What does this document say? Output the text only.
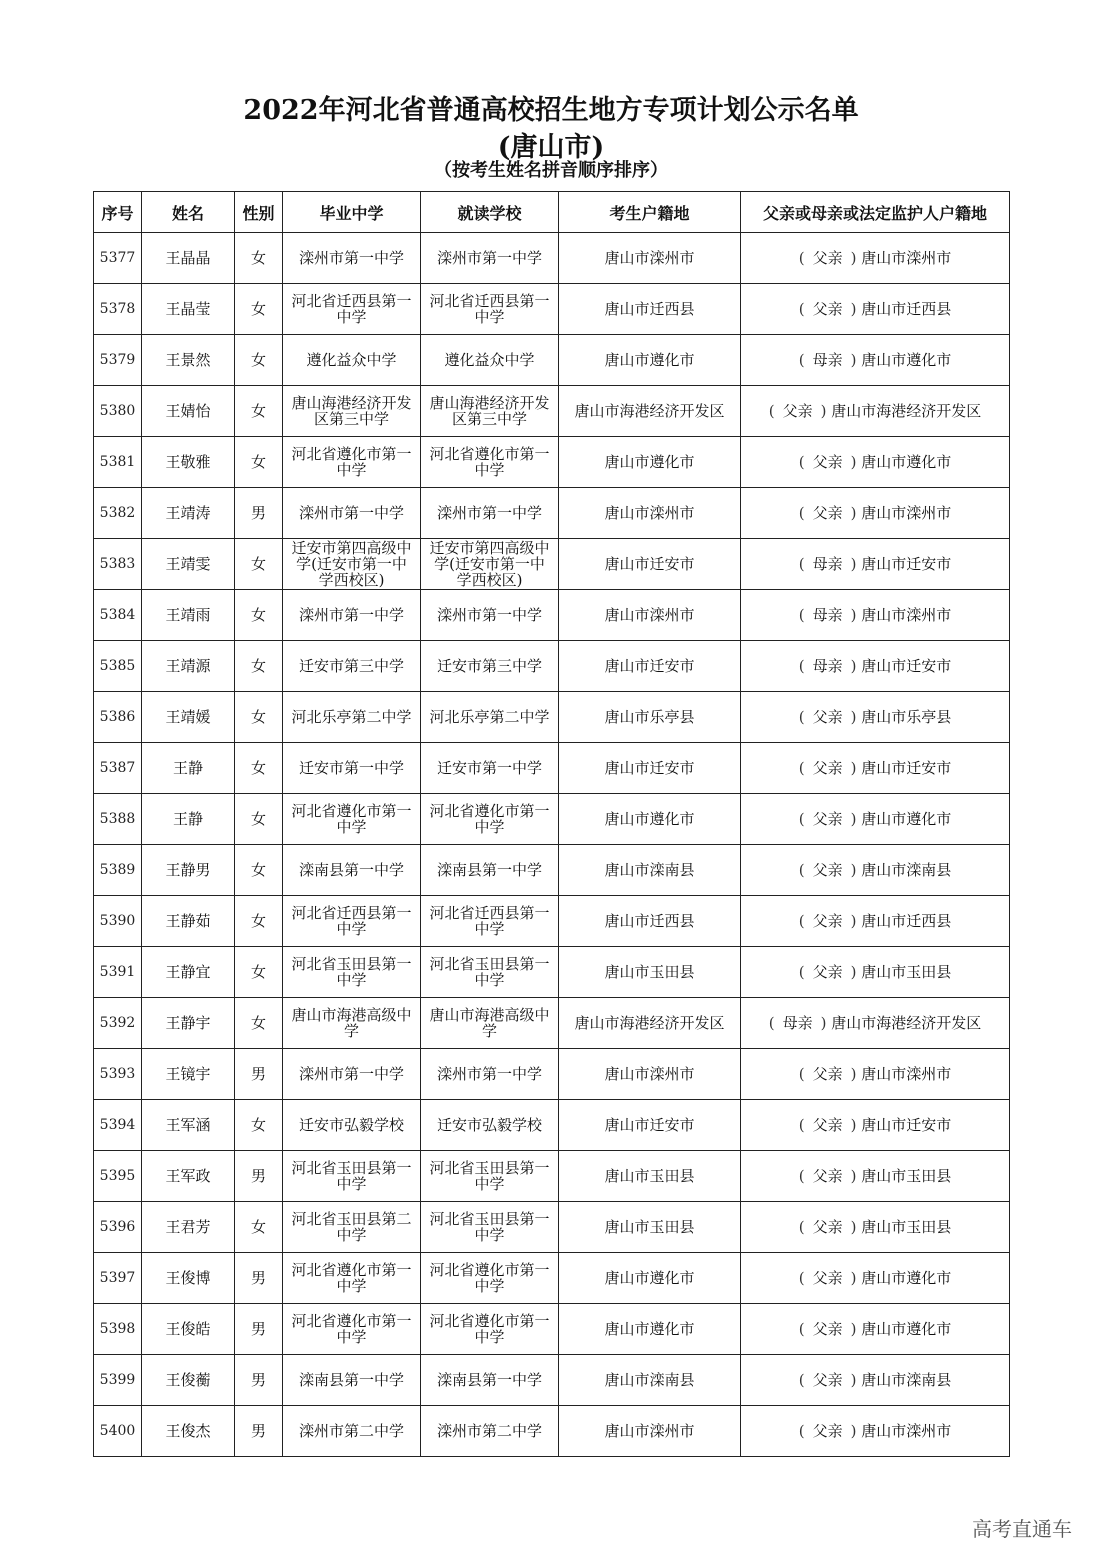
2022年河北省普通高校招生地方专项计划公示名单
(唐山市)
（按考生姓名拼音顺序排序）
序号	姓名	性别	毕业中学	就读学校	考生户籍地	父亲或母亲或法定监护人户籍地
5377	王晶晶	女	滦州市第一中学	滦州市第一中学	唐山市滦州市	( 父亲 ) 唐山市滦州市
5378	王晶莹	女	河北省迁西县第一中学	河北省迁西县第一中学	唐山市迁西县	( 父亲 ) 唐山市迁西县
5379	王景然	女	遵化益众中学	遵化益众中学	唐山市遵化市	( 母亲 ) 唐山市遵化市
5380	王婧怡	女	唐山海港经济开发区第三中学	唐山海港经济开发区第三中学	唐山市海港经济开发区	( 父亲 ) 唐山市海港经济开发区
5381	王敬雅	女	河北省遵化市第一中学	河北省遵化市第一中学	唐山市遵化市	( 父亲 ) 唐山市遵化市
5382	王靖涛	男	滦州市第一中学	滦州市第一中学	唐山市滦州市	( 父亲 ) 唐山市滦州市
5383	王靖雯	女	迁安市第四高级中学(迁安市第一中学西校区)	迁安市第四高级中学(迁安市第一中学西校区)	唐山市迁安市	( 母亲 ) 唐山市迁安市
5384	王靖雨	女	滦州市第一中学	滦州市第一中学	唐山市滦州市	( 母亲 ) 唐山市滦州市
5385	王靖源	女	迁安市第三中学	迁安市第三中学	唐山市迁安市	( 母亲 ) 唐山市迁安市
5386	王靖媛	女	河北乐亭第二中学	河北乐亭第二中学	唐山市乐亭县	( 父亲 ) 唐山市乐亭县
5387	王静	女	迁安市第一中学	迁安市第一中学	唐山市迁安市	( 父亲 ) 唐山市迁安市
5388	王静	女	河北省遵化市第一中学	河北省遵化市第一中学	唐山市遵化市	( 父亲 ) 唐山市遵化市
5389	王静男	女	滦南县第一中学	滦南县第一中学	唐山市滦南县	( 父亲 ) 唐山市滦南县
5390	王静茹	女	河北省迁西县第一中学	河北省迁西县第一中学	唐山市迁西县	( 父亲 ) 唐山市迁西县
5391	王静宜	女	河北省玉田县第一中学	河北省玉田县第一中学	唐山市玉田县	( 父亲 ) 唐山市玉田县
5392	王静宇	女	唐山市海港高级中学	唐山市海港高级中学	唐山市海港经济开发区	( 母亲 ) 唐山市海港经济开发区
5393	王镜宇	男	滦州市第一中学	滦州市第一中学	唐山市滦州市	( 父亲 ) 唐山市滦州市
5394	王军涵	女	迁安市弘毅学校	迁安市弘毅学校	唐山市迁安市	( 父亲 ) 唐山市迁安市
5395	王军政	男	河北省玉田县第一中学	河北省玉田县第一中学	唐山市玉田县	( 父亲 ) 唐山市玉田县
5396	王君芳	女	河北省玉田县第二中学	河北省玉田县第一中学	唐山市玉田县	( 父亲 ) 唐山市玉田县
5397	王俊博	男	河北省遵化市第一中学	河北省遵化市第一中学	唐山市遵化市	( 父亲 ) 唐山市遵化市
5398	王俊皓	男	河北省遵化市第一中学	河北省遵化市第一中学	唐山市遵化市	( 父亲 ) 唐山市遵化市
5399	王俊蘅	男	滦南县第一中学	滦南县第一中学	唐山市滦南县	( 父亲 ) 唐山市滦南县
5400	王俊杰	男	滦州市第二中学	滦州市第二中学	唐山市滦州市	( 父亲 ) 唐山市滦州市
高考直通车
